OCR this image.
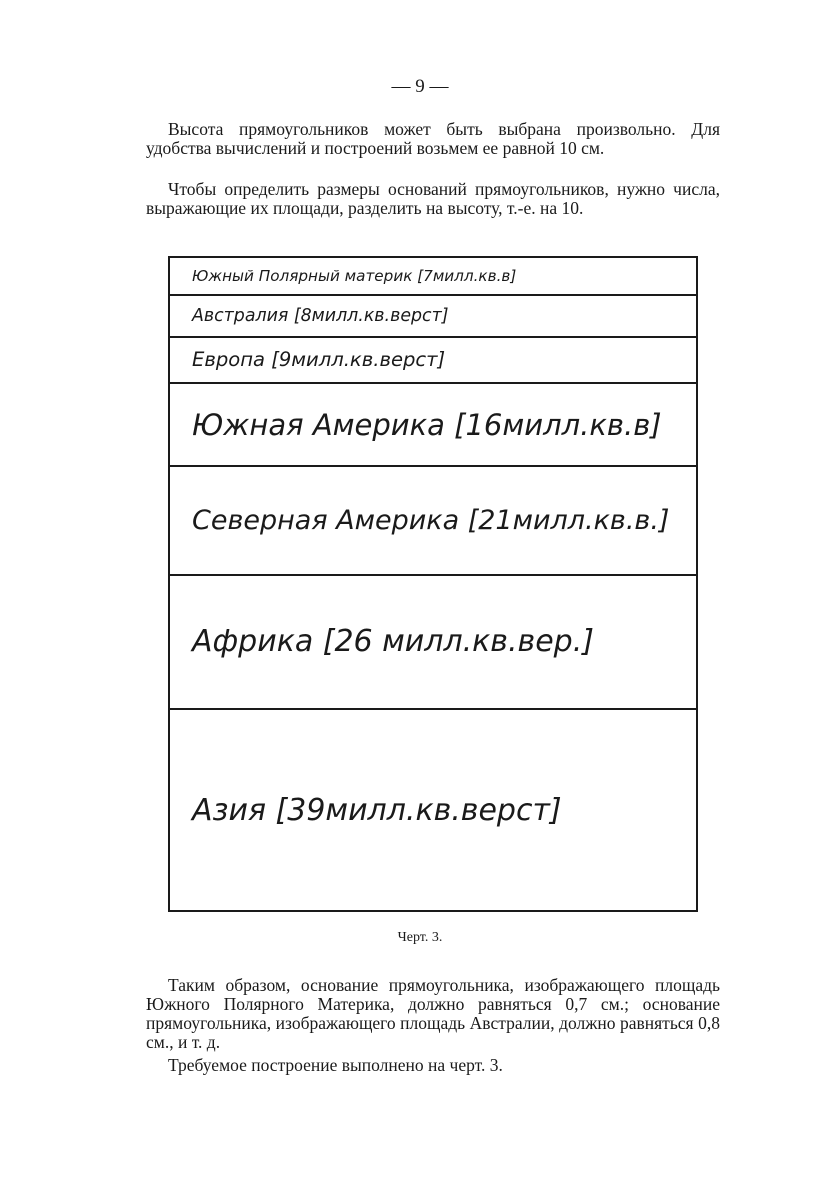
— 9 —

Высота прямоугольников может быть выбрана произвольно. Для удобства вычислений и построений возьмем ее равной 10 см.

Чтобы определить размеры оснований прямоугольников, нужно числа, выражающие их площади, разделить на высоту, т.-е. на 10.

Южный Полярный материк [7милл.кв.в]
Австралия [8милл.кв.верст]
Европа [9милл.кв.верст]
Южная Америка [16милл.кв.в]
Северная Америка [21милл.кв.в.]
Африка [26 милл.кв.вер.]
Азия [39милл.кв.верст]
Черт. 3.

Таким образом, основание прямоугольника, изображающего площадь Южного Полярного Материка, должно равняться 0,7 см.; основание прямоугольника, изображающего площадь Австралии, должно равняться 0,8 см., и т. д.

Требуемое построение выполнено на черт. 3.
